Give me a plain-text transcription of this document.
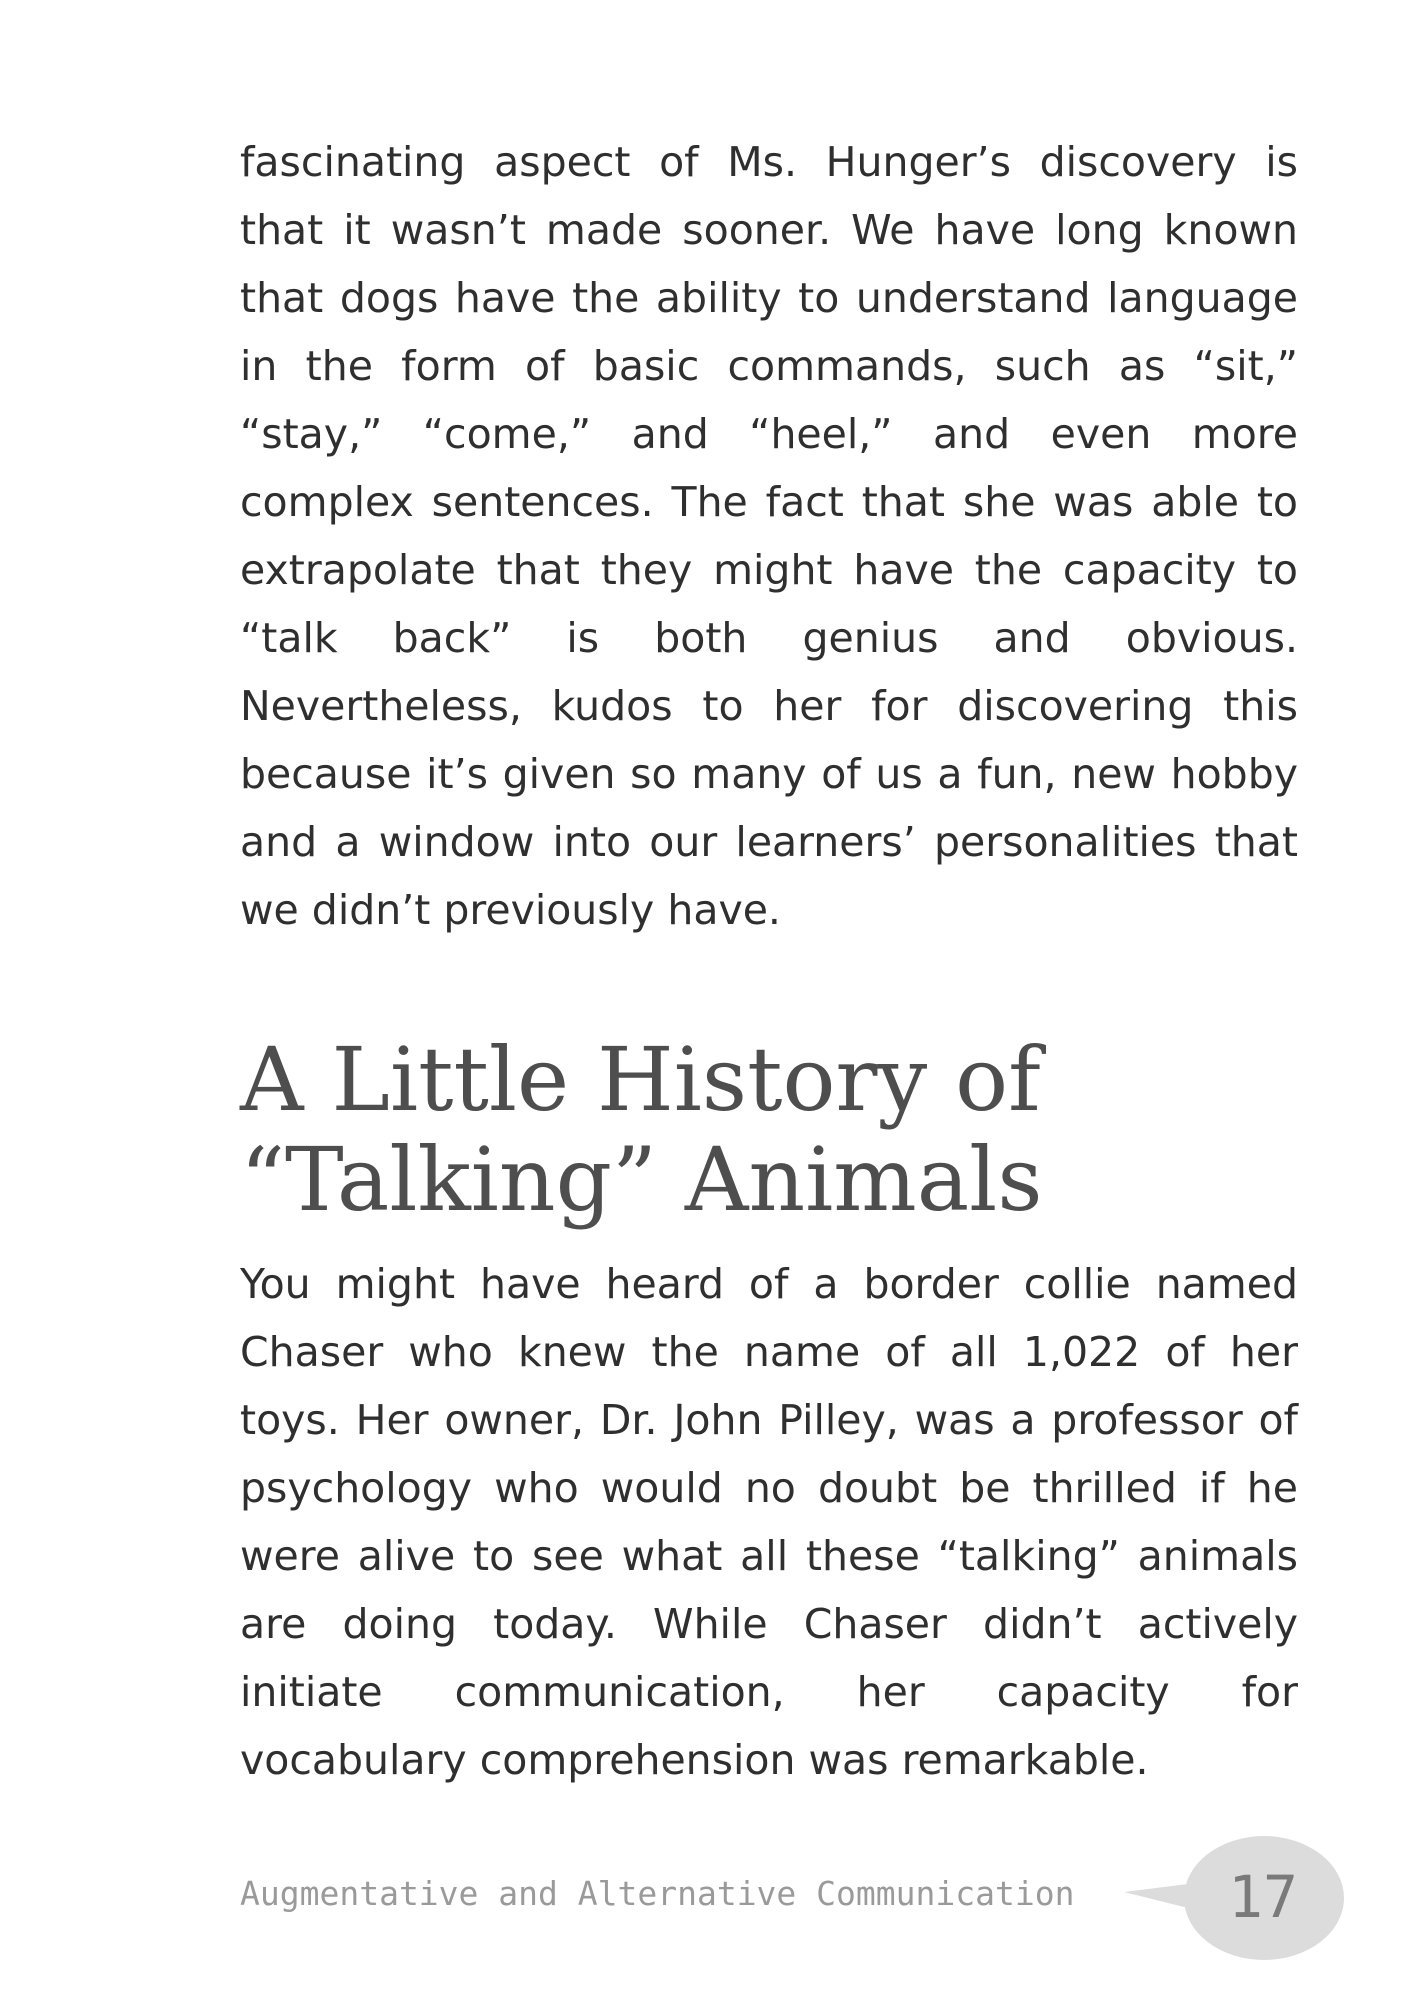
fascinating aspect of Ms. Hunger’s discovery is that it wasn’t made sooner. We have long known that dogs have the ability to understand language in the form of basic commands, such as “sit,” “stay,” “come,” and “heel,” and even more complex sentences. The fact that she was able to extrapolate that they might have the capacity to “talk back” is both genius and obvious. Nevertheless, kudos to her for discovering this because it’s given so many of us a fun, new hobby and a window into our learners’ personalities that we didn’t previously have.

A Little History of
“Talking” Animals

You might have heard of a border collie named Chaser who knew the name of all 1,022 of her toys. Her owner, Dr. John Pilley, was a professor of psychology who would no doubt be thrilled if he were alive to see what all these “talking” animals are doing today. While Chaser didn’t actively initiate communication, her capacity for vocabulary comprehension was remarkable.

Augmentative and Alternative Communication	17
